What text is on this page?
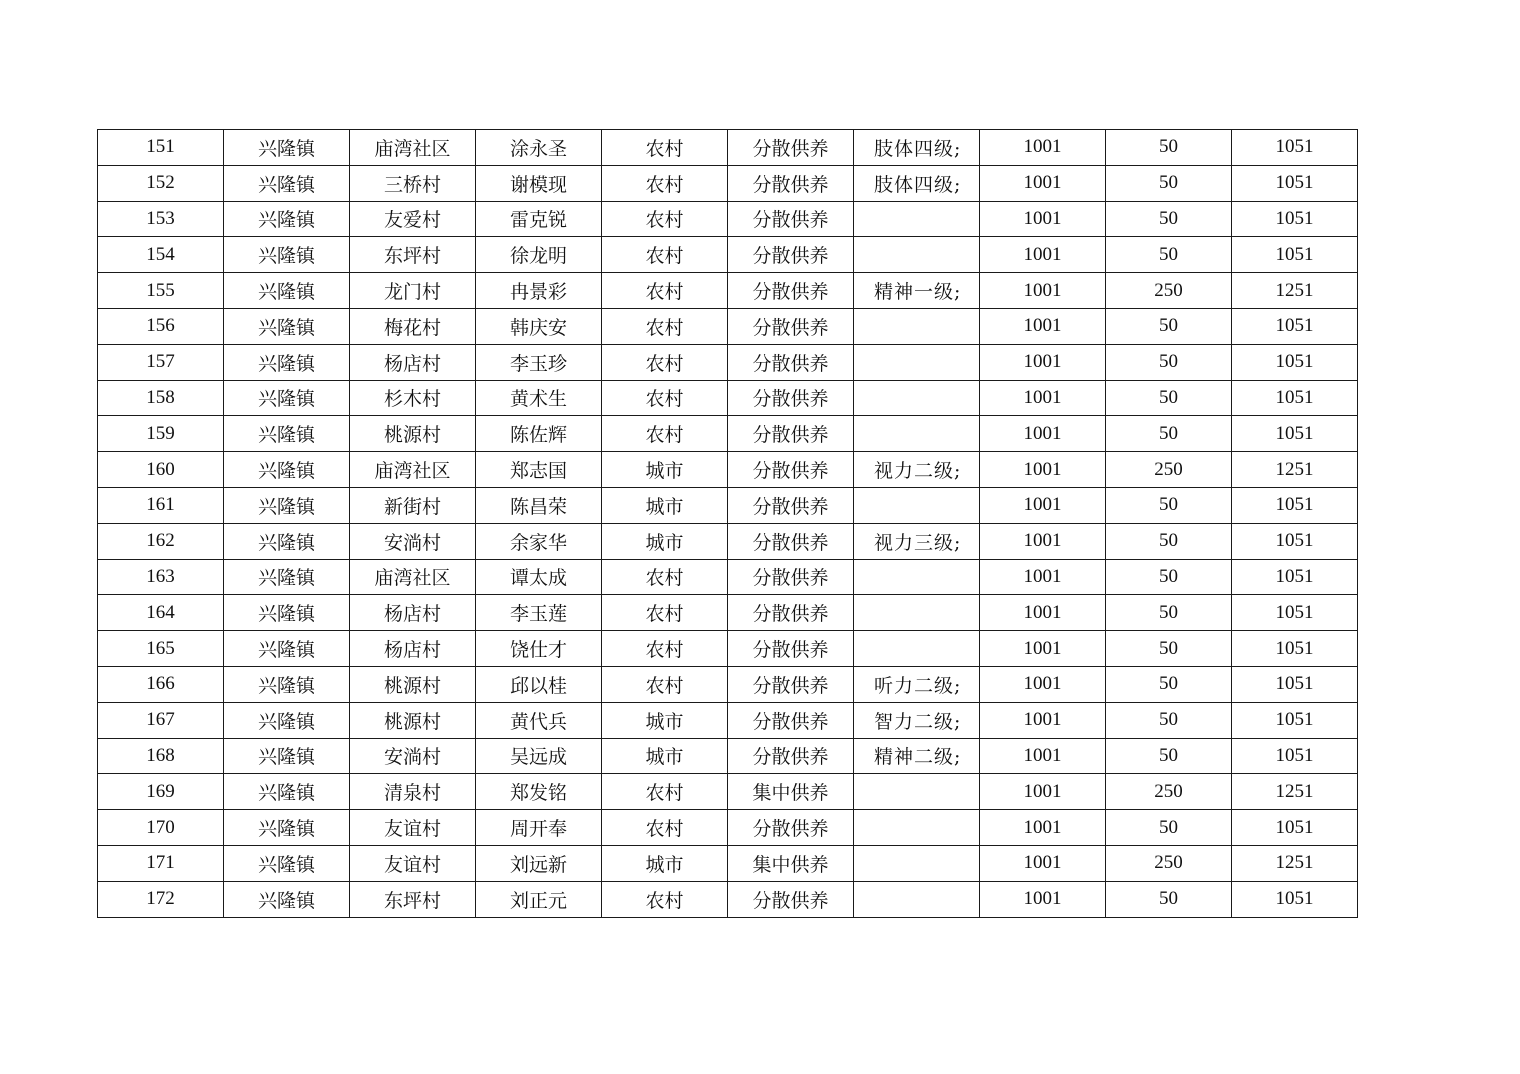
151	兴隆镇	庙湾社区	涂永圣	农村	分散供养	肢体四级;	1001	50	1051
152	兴隆镇	三桥村	谢模现	农村	分散供养	肢体四级;	1001	50	1051
153	兴隆镇	友爱村	雷克锐	农村	分散供养		1001	50	1051
154	兴隆镇	东坪村	徐龙明	农村	分散供养		1001	50	1051
155	兴隆镇	龙门村	冉景彩	农村	分散供养	精神一级;	1001	250	1251
156	兴隆镇	梅花村	韩庆安	农村	分散供养		1001	50	1051
157	兴隆镇	杨店村	李玉珍	农村	分散供养		1001	50	1051
158	兴隆镇	杉木村	黄术生	农村	分散供养		1001	50	1051
159	兴隆镇	桃源村	陈佐辉	农村	分散供养		1001	50	1051
160	兴隆镇	庙湾社区	郑志国	城市	分散供养	视力二级;	1001	250	1251
161	兴隆镇	新街村	陈昌荣	城市	分散供养		1001	50	1051
162	兴隆镇	安淌村	余家华	城市	分散供养	视力三级;	1001	50	1051
163	兴隆镇	庙湾社区	谭太成	农村	分散供养		1001	50	1051
164	兴隆镇	杨店村	李玉莲	农村	分散供养		1001	50	1051
165	兴隆镇	杨店村	饶仕才	农村	分散供养		1001	50	1051
166	兴隆镇	桃源村	邱以桂	农村	分散供养	听力二级;	1001	50	1051
167	兴隆镇	桃源村	黄代兵	城市	分散供养	智力二级;	1001	50	1051
168	兴隆镇	安淌村	吴远成	城市	分散供养	精神二级;	1001	50	1051
169	兴隆镇	清泉村	郑发铭	农村	集中供养		1001	250	1251
170	兴隆镇	友谊村	周开奉	农村	分散供养		1001	50	1051
171	兴隆镇	友谊村	刘远新	城市	集中供养		1001	250	1251
172	兴隆镇	东坪村	刘正元	农村	分散供养		1001	50	1051
